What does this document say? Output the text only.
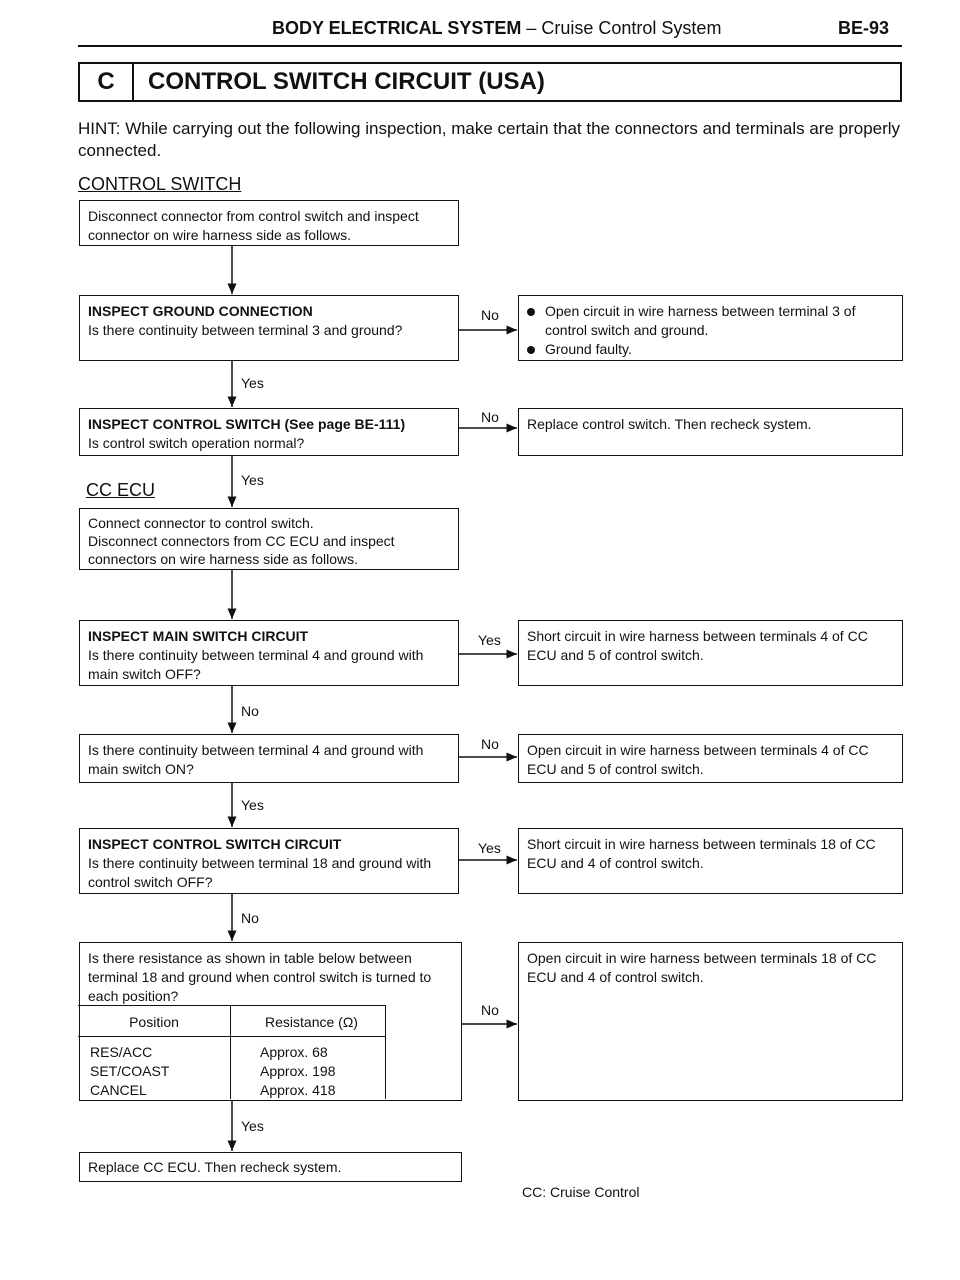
BODY ELECTRICAL SYSTEM – Cruise Control System	BE-93
C	CONTROL SWITCH CIRCUIT (USA)
HINT: While carrying out the following inspection, make certain that the connectors and terminals are properly connected.
CONTROL SWITCH
CC ECU
Disconnect connector from control switch and inspect connector on wire harness side as follows.
INSPECT GROUND CONNECTION
Is there continuity between terminal 3 and ground?
INSPECT CONTROL SWITCH (See page BE-111)
Is control switch operation normal?
Connect connector to control switch.
Disconnect connectors from CC ECU and inspect connectors on wire harness side as follows.
INSPECT MAIN SWITCH CIRCUIT
Is there continuity between terminal 4 and ground with main switch OFF?
Is there continuity between terminal 4 and ground with main switch ON?
INSPECT CONTROL SWITCH CIRCUIT
Is there continuity between terminal 18 and ground with control switch OFF?
Is there resistance as shown in table below between terminal 18 and ground when control switch is turned to each position?
Position	Resistance (Ω)
RES/ACC	Approx. 68
SET/COAST	Approx. 198
CANCEL	Approx. 418
Replace CC ECU. Then recheck system.
Open circuit in wire harness between terminal 3 of control switch and ground.
Ground faulty.
Replace control switch. Then recheck system.
Short circuit in wire harness between terminals 4 of CC ECU and 5 of control switch.
Open circuit in wire harness between terminals 4 of CC ECU and 5 of control switch.
Short circuit in wire harness between terminals 18 of CC ECU and 4 of control switch.
Open circuit in wire harness between terminals 18 of CC ECU and 4 of control switch.
Yes
Yes
No
Yes
No
Yes
No
No
Yes
No
Yes
No
CC: Cruise Control
